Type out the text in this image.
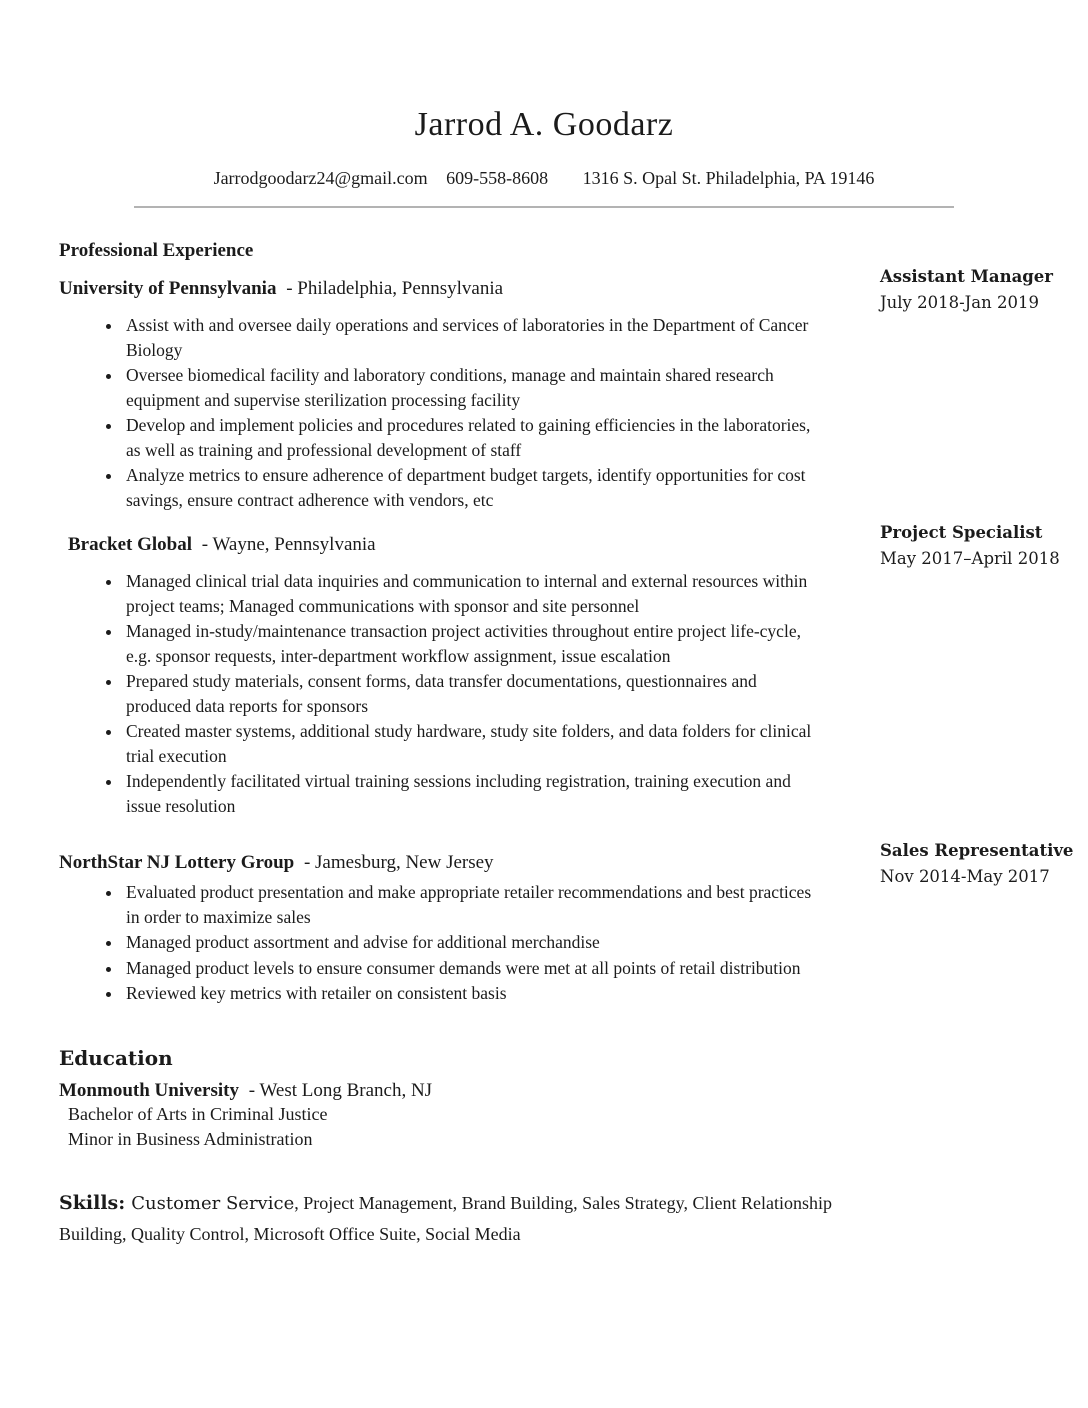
Jarrod A. Goodarz
Jarrodgoodarz24@gmail.com 609-558-8608 1316 S. Opal St. Philadelphia, PA 19146
Professional Experience
University of Pennsylvania - Philadelphia, Pennsylvania
Assistant Manager
July 2018-Jan 2019
• Assist with and oversee daily operations and services of laboratories in the Department of Cancer Biology
• Oversee biomedical facility and laboratory conditions, manage and maintain shared research equipment and supervise sterilization processing facility
• Develop and implement policies and procedures related to gaining efficiencies in the laboratories, as well as training and professional development of staff
• Analyze metrics to ensure adherence of department budget targets, identify opportunities for cost savings, ensure contract adherence with vendors, etc
Bracket Global - Wayne, Pennsylvania
Project Specialist
May 2017–April 2018
• Managed clinical trial data inquiries and communication to internal and external resources within project teams; Managed communications with sponsor and site personnel
• Managed in-study/maintenance transaction project activities throughout entire project life-cycle, e.g. sponsor requests, inter-department workflow assignment, issue escalation
• Prepared study materials, consent forms, data transfer documentations, questionnaires and produced data reports for sponsors
• Created master systems, additional study hardware, study site folders, and data folders for clinical trial execution
• Independently facilitated virtual training sessions including registration, training execution and issue resolution
NorthStar NJ Lottery Group - Jamesburg, New Jersey
Sales Representative
Nov 2014-May 2017
• Evaluated product presentation and make appropriate retailer recommendations and best practices in order to maximize sales
• Managed product assortment and advise for additional merchandise
• Managed product levels to ensure consumer demands were met at all points of retail distribution
• Reviewed key metrics with retailer on consistent basis
Education
Monmouth University - West Long Branch, NJ
Bachelor of Arts in Criminal Justice
Minor in Business Administration

Skills: Customer Service, Project Management, Brand Building, Sales Strategy, Client Relationship Building, Quality Control, Microsoft Office Suite, Social Media
